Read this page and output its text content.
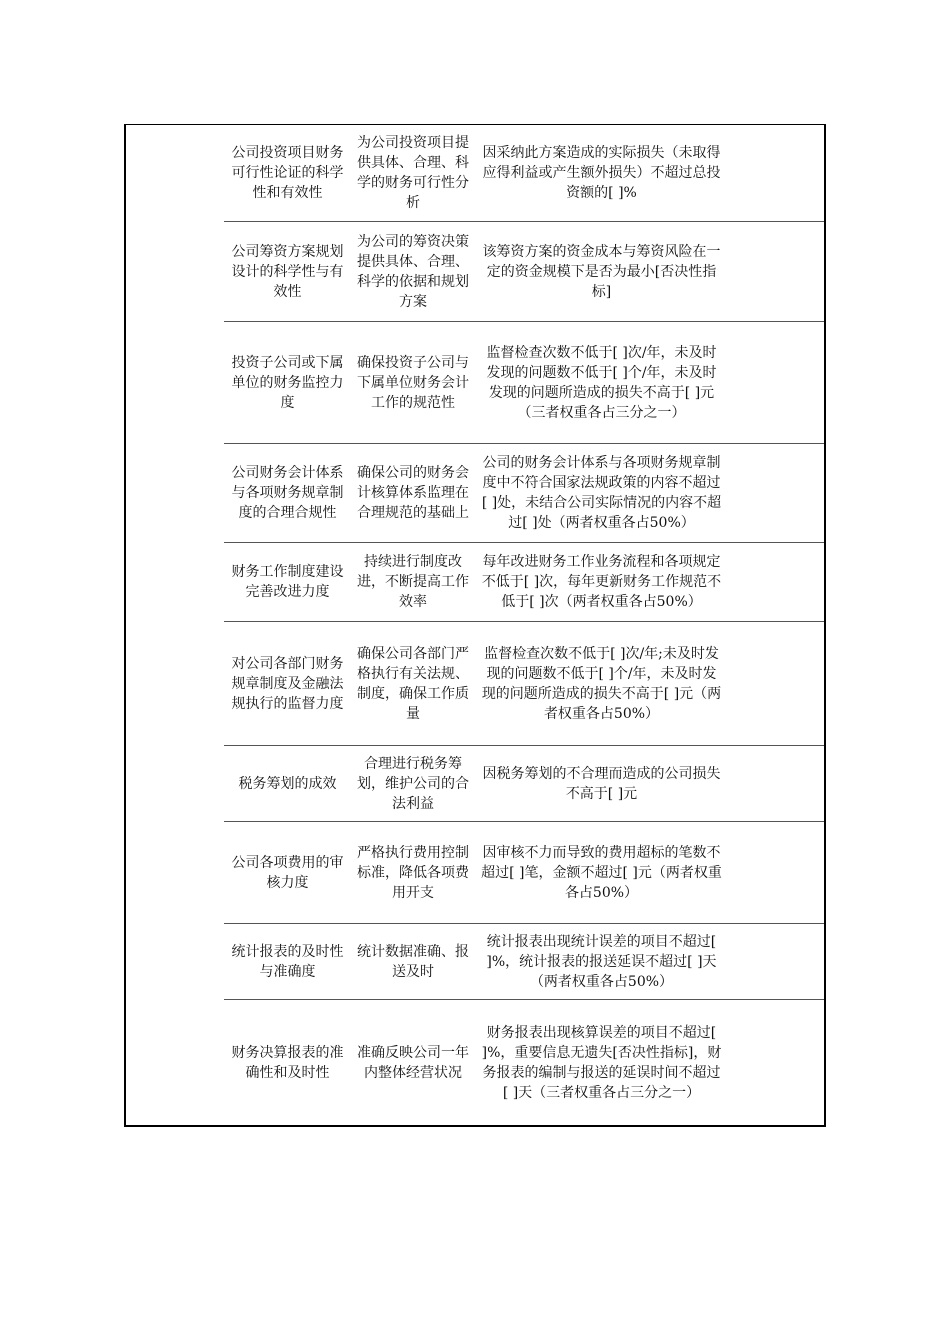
公司投资项目财务可行性论证的科学性和有效性
为公司投资项目提供具体、合理、科学的财务可行性分析
因采纳此方案造成的实际损失（未取得应得利益或产生额外损失）不超过总投资额的[ ]%
公司筹资方案规划设计的科学性与有效性
为公司的筹资决策提供具体、合理、科学的依据和规划方案
该筹资方案的资金成本与筹资风险在一定的资金规模下是否为最小[否决性指标]
投资子公司或下属单位的财务监控力度
确保投资子公司与下属单位财务会计工作的规范性
监督检查次数不低于[ ]次/年，未及时发现的问题数不低于[ ]个/年，未及时发现的问题所造成的损失不高于[ ]元（三者权重各占三分之一）
公司财务会计体系与各项财务规章制度的合理合规性
确保公司的财务会计核算体系监理在合理规范的基础上
公司的财务会计体系与各项财务规章制度中不符合国家法规政策的内容不超过[ ]处，未结合公司实际情况的内容不超过[ ]处（两者权重各占50%）
财务工作制度建设完善改进力度
持续进行制度改进，不断提高工作效率
每年改进财务工作业务流程和各项规定不低于[ ]次，每年更新财务工作规范不低于[ ]次（两者权重各占50%）
对公司各部门财务规章制度及金融法规执行的监督力度
确保公司各部门严格执行有关法规、制度，确保工作质量
监督检查次数不低于[ ]次/年;未及时发现的问题数不低于[ ]个/年，未及时发现的问题所造成的损失不高于[ ]元（两者权重各占50%）
税务筹划的成效
合理进行税务筹划，维护公司的合法利益
因税务筹划的不合理而造成的公司损失不高于[ ]元
公司各项费用的审核力度
严格执行费用控制标准，降低各项费用开支
因审核不力而导致的费用超标的笔数不超过[ ]笔，金额不超过[ ]元（两者权重各占50%）
统计报表的及时性与准确度
统计数据准确、报送及时
统计报表出现统计误差的项目不超过[ ]%，统计报表的报送延误不超过[ ]天（两者权重各占50%）
财务决算报表的准确性和及时性
准确反映公司一年内整体经营状况
财务报表出现核算误差的项目不超过[ ]%，重要信息无遗失[否决性指标]，财务报表的编制与报送的延误时间不超过[ ]天（三者权重各占三分之一）
